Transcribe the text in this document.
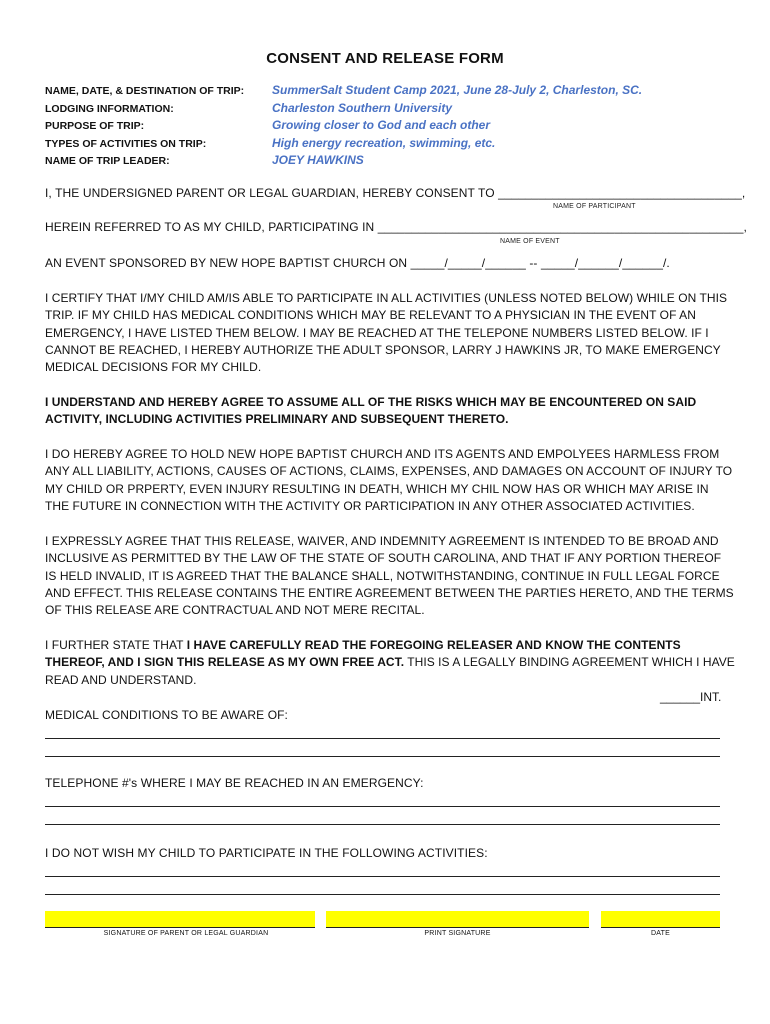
CONSENT AND RELEASE FORM
NAME, DATE, & DESTINATION OF TRIP:
LODGING INFORMATION:
PURPOSE OF TRIP:
TYPES OF ACTIVITIES ON TRIP:
NAME OF TRIP LEADER:
SummerSalt Student Camp 2021, June 28-July 2, Charleston, SC.
Charleston Southern University
Growing closer to God and each other
High energy recreation, swimming, etc.
JOEY HAWKINS
I, THE UNDERSIGNED PARENT OR LEGAL GUARDIAN, HEREBY CONSENT TO ____________________________________,
NAME OF PARTICIPANT
HEREIN REFERRED TO AS MY CHILD, PARTICIPATING IN ______________________________________________________,
NAME OF EVENT
AN EVENT SPONSORED BY NEW HOPE BAPTIST CHURCH ON _____/_____/______ -- _____/______/______/.
I CERTIFY THAT I/MY CHILD AM/IS ABLE TO PARTICIPATE IN ALL ACTIVITIES (UNLESS NOTED BELOW) WHILE ON THIS TRIP. IF MY CHILD HAS MEDICAL CONDITIONS WHICH MAY BE RELEVANT TO A PHYSICIAN IN THE EVENT OF AN EMERGENCY, I HAVE LISTED THEM BELOW. I MAY BE REACHED AT THE TELEPONE NUMBERS LISTED BELOW. IF I CANNOT BE REACHED, I HEREBY AUTHORIZE THE ADULT SPONSOR, LARRY J HAWKINS JR, TO MAKE EMERGENCY MEDICAL DECISIONS FOR MY CHILD.
I UNDERSTAND AND HEREBY AGREE TO ASSUME ALL OF THE RISKS WHICH MAY BE ENCOUNTERED ON SAID ACTIVITY, INCLUDING ACTIVITIES PRELIMINARY AND SUBSEQUENT THERETO.
I DO HEREBY AGREE TO HOLD NEW HOPE BAPTIST CHURCH AND ITS AGENTS AND EMPOLYEES HARMLESS FROM ANY ALL LIABILITY, ACTIONS, CAUSES OF ACTIONS, CLAIMS, EXPENSES, AND DAMAGES ON ACCOUNT OF INJURY TO MY CHILD OR PRPERTY, EVEN INJURY RESULTING IN DEATH, WHICH MY CHIL NOW HAS OR WHICH MAY ARISE IN THE FUTURE IN CONNECTION WITH THE ACTIVITY OR PARTICIPATION IN ANY OTHER ASSOCIATED ACTIVITIES.
I EXPRESSLY AGREE THAT THIS RELEASE, WAIVER, AND INDEMNITY AGREEMENT IS INTENDED TO BE BROAD AND INCLUSIVE AS PERMITTED BY THE LAW OF THE STATE OF SOUTH CAROLINA, AND THAT IF ANY PORTION THEREOF IS HELD INVALID, IT IS AGREED THAT THE BALANCE SHALL, NOTWITHSTANDING, CONTINUE IN FULL LEGAL FORCE AND EFFECT. THIS RELEASE CONTAINS THE ENTIRE AGREEMENT BETWEEN THE PARTIES HERETO, AND THE TERMS OF THIS RELEASE ARE CONTRACTUAL AND NOT MERE RECITAL.
I FURTHER STATE THAT I HAVE CAREFULLY READ THE FOREGOING RELEASER AND KNOW THE CONTENTS THEREOF, AND I SIGN THIS RELEASE AS MY OWN FREE ACT. THIS IS A LEGALLY BINDING AGREEMENT WHICH I HAVE READ AND UNDERSTAND.
______INT.
MEDICAL CONDITIONS TO BE AWARE OF:
TELEPHONE #'s WHERE I MAY BE REACHED IN AN EMERGENCY:
I DO NOT WISH MY CHILD TO PARTICIPATE IN THE FOLLOWING ACTIVITIES:
SIGNATURE OF PARENT OR LEGAL GUARDIAN	PRINT SIGNATURE	DATE
